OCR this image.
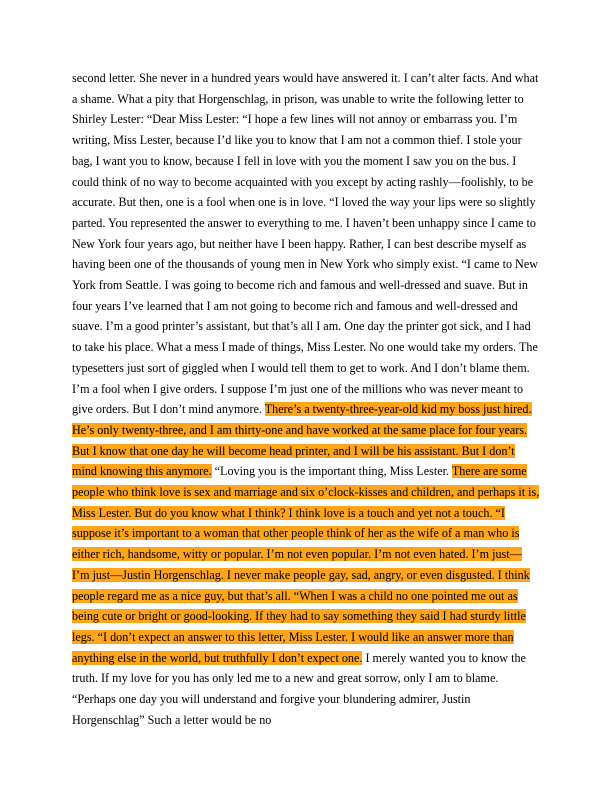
second letter. She never in a hundred years would have answered it. I can’t alter facts. And what a shame. What a pity that Horgenschlag, in prison, was unable to write the following letter to Shirley Lester: “Dear Miss Lester: “I hope a few lines will not annoy or embarrass you. I’m writing, Miss Lester, because I’d like you to know that I am not a common thief. I stole your bag, I want you to know, because I fell in love with you the moment I saw you on the bus. I could think of no way to become acquainted with you except by acting rashly—foolishly, to be accurate. But then, one is a fool when one is in love. “I loved the way your lips were so slightly parted. You represented the answer to everything to me. I haven’t been unhappy since I came to New York four years ago, but neither have I been happy. Rather, I can best describe myself as having been one of the thousands of young men in New York who simply exist. “I came to New York from Seattle. I was going to become rich and famous and well-dressed and suave. But in four years I’ve learned that I am not going to become rich and famous and well-dressed and suave. I’m a good printer’s assistant, but that’s all I am. One day the printer got sick, and I had to take his place. What a mess I made of things, Miss Lester. No one would take my orders. The typesetters just sort of giggled when I would tell them to get to work. And I don’t blame them. I’m a fool when I give orders. I suppose I’m just one of the millions who was never meant to give orders. But I don’t mind anymore. There’s a twenty-three-year-old kid my boss just hired. He’s only twenty-three, and I am thirty-one and have worked at the same place for four years. But I know that one day he will become head printer, and I will be his assistant. But I don’t mind knowing this anymore. “Loving you is the important thing, Miss Lester. There are some people who think love is sex and marriage and six o’clock-kisses and children, and perhaps it is, Miss Lester. But do you know what I think? I think love is a touch and yet not a touch. “I suppose it’s important to a woman that other people think of her as the wife of a man who is either rich, handsome, witty or popular. I’m not even popular. I’m not even hated. I’m just— I’m just—Justin Horgenschlag. I never make people gay, sad, angry, or even disgusted. I think people regard me as a nice guy, but that’s all. “When I was a child no one pointed me out as being cute or bright or good-looking. If they had to say something they said I had sturdy little legs. “I don’t expect an answer to this letter, Miss Lester. I would like an answer more than anything else in the world, but truthfully I don’t expect one. I merely wanted you to know the truth. If my love for you has only led me to a new and great sorrow, only I am to blame. “Perhaps one day you will understand and forgive your blundering admirer, Justin Horgenschlag” Such a letter would be no
